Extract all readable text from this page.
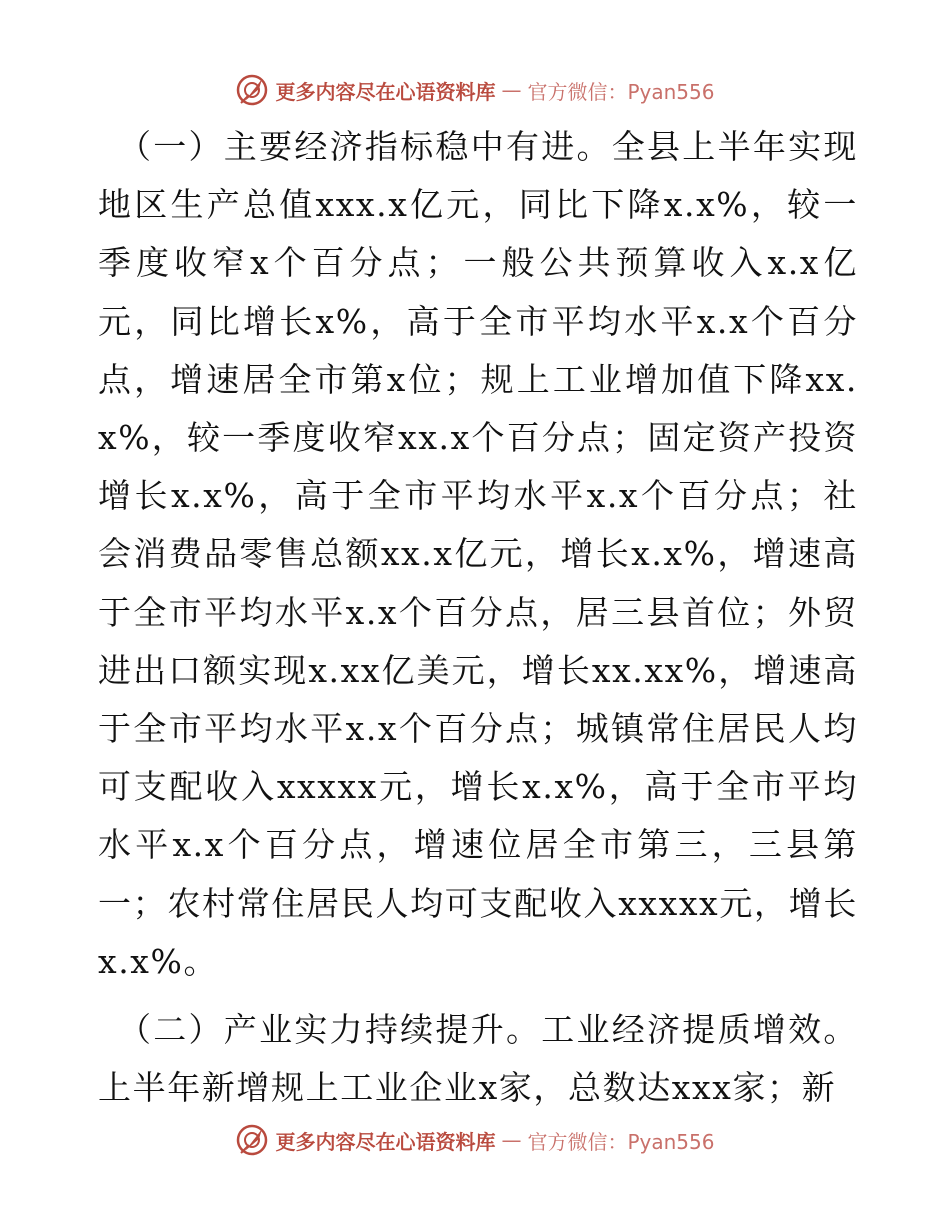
更多内容尽在心语资料库 — 官方微信：Pyan556

（一）主要经济指标稳中有进。全县上半年实现地区生产总值xxx.x亿元，同比下降x.x%，较一季度收窄x个百分点；一般公共预算收入x.x亿元，同比增长x%，高于全市平均水平x.x个百分点，增速居全市第x位；规上工业增加值下降xx.x%，较一季度收窄xx.x个百分点；固定资产投资增长x.x%，高于全市平均水平x.x个百分点；社会消费品零售总额xx.x亿元，增长x.x%，增速高于全市平均水平x.x个百分点，居三县首位；外贸进出口额实现x.xx亿美元，增长xx.xx%，增速高于全市平均水平x.x个百分点；城镇常住居民人均可支配收入xxxxx元，增长x.x%，高于全市平均水平x.x个百分点，增速位居全市第三，三县第一；农村常住居民人均可支配收入xxxxx元，增长x.x%。

（二）产业实力持续提升。工业经济提质增效。上半年新增规上工业企业x家，总数达xxx家；新

更多内容尽在心语资料库 — 官方微信：Pyan556
